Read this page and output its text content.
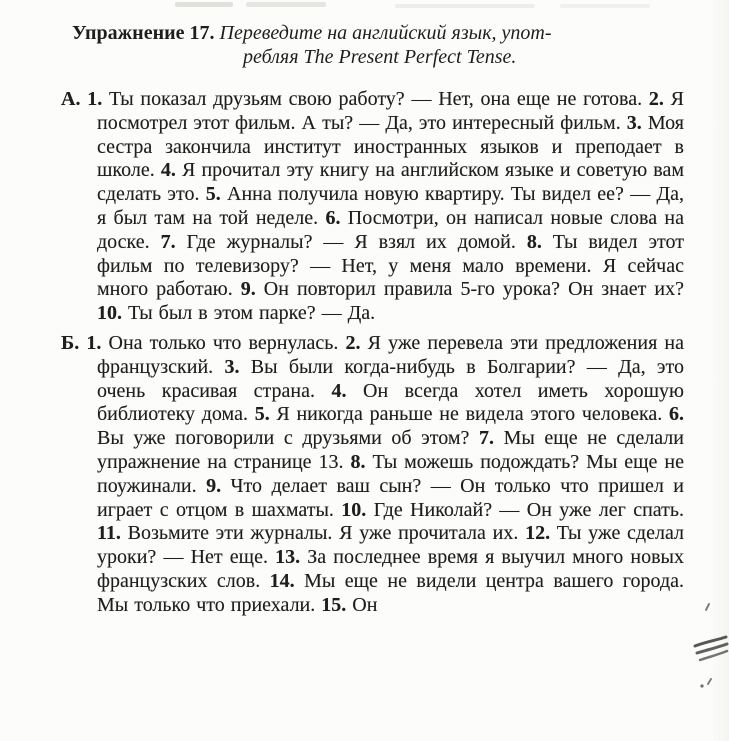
Упражнение 17. Переведите на английский язык, упот-

ребляя The Present Perfect Tense.

А. 1. Ты показал друзьям свою работу? — Нет, она еще не готова. 2. Я посмотрел этот фильм. А ты? — Да, это интересный фильм. 3. Моя сестра закончила институт иностранных языков и преподает в школе. 4. Я прочитал эту книгу на английском языке и советую вам сделать это. 5. Анна получила новую квартиру. Ты видел ее? — Да, я был там на той неделе. 6. Посмотри, он написал новые слова на доске. 7. Где журналы? — Я взял их домой. 8. Ты видел этот фильм по телевизору? — Нет, у меня мало времени. Я сейчас много работаю. 9. Он повторил правила 5-го урока? Он знает их? 10. Ты был в этом парке? — Да.

Б. 1. Она только что вернулась. 2. Я уже перевела эти предложения на французский. 3. Вы были когда-нибудь в Болгарии? — Да, это очень красивая страна. 4. Он всегда хотел иметь хорошую библиотеку дома. 5. Я никогда раньше не видела этого человека. 6. Вы уже поговорили с друзьями об этом? 7. Мы еще не сделали упражнение на странице 13. 8. Ты можешь подождать? Мы еще не поужинали. 9. Что делает ваш сын? — Он только что пришел и играет с отцом в шахматы. 10. Где Николай? — Он уже лег спать. 11. Возьмите эти журналы. Я уже прочитала их. 12. Ты уже сделал уроки? — Нет еще. 13. За последнее время я выучил много новых французских слов. 14. Мы еще не видели центра вашего города. Мы только что приехали. 15. Он
